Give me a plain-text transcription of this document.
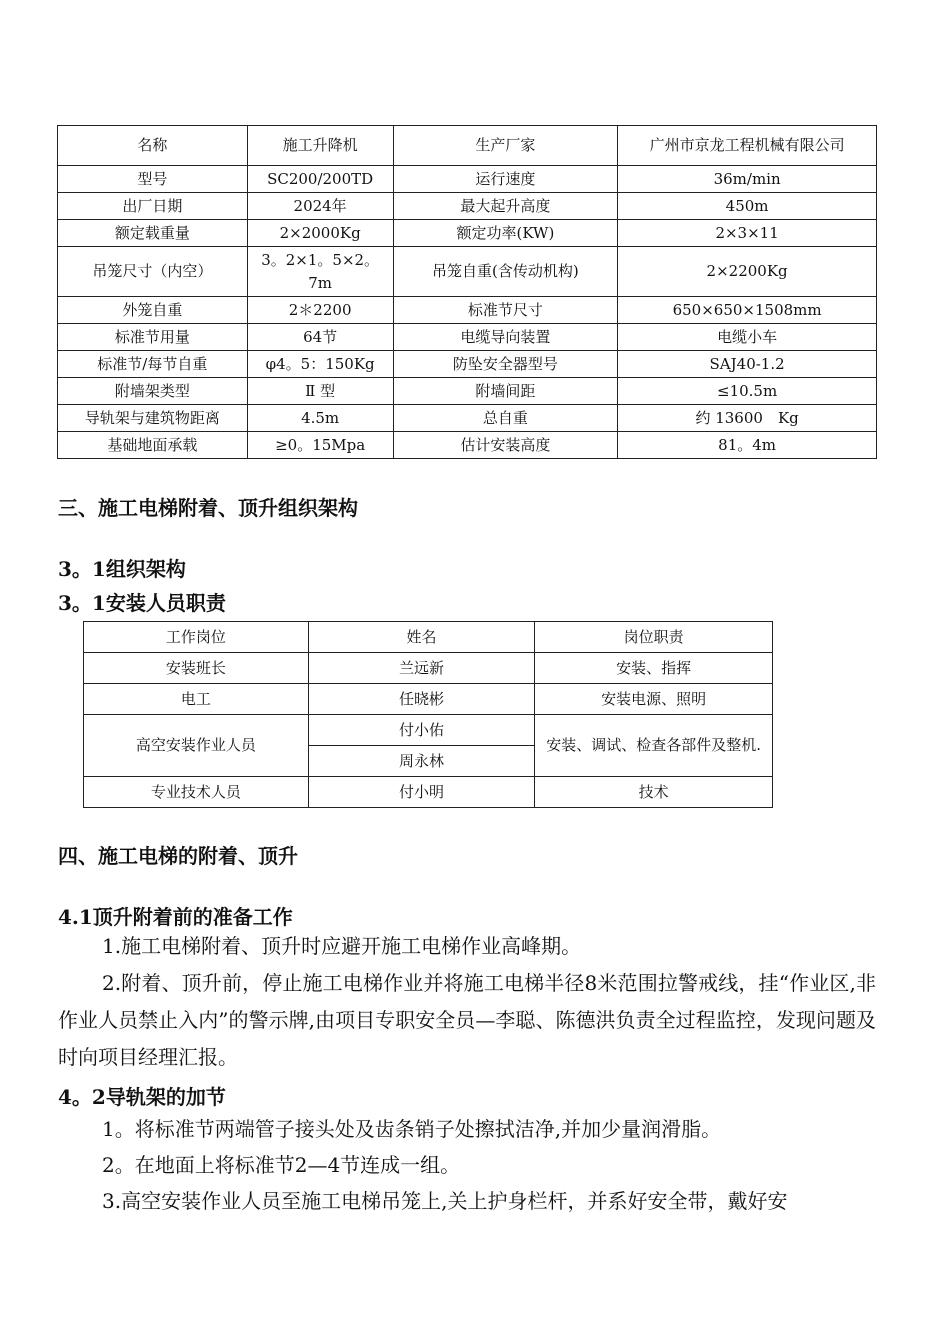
名称	施工升降机	生产厂家	广州市京龙工程机械有限公司
型号	SC200/200TD	运行速度	36m/min
出厂日期	2024年	最大起升高度	450m
额定载重量	2×2000Kg	额定功率(KW)	2×3×11
吊笼尺寸（内空）	3。2×1。5×2。7m	吊笼自重(含传动机构)	2×2200Kg
外笼自重	2＊2200	标准节尺寸	650×650×1508mm
标准节用量	64节	电缆导向装置	电缆小车
标准节/每节自重	φ4。5：150Kg	防坠安全器型号	SAJ40-1.2
附墙架类型	Ⅱ 型	附墙间距	≤10.5m
导轨架与建筑物距离	4.5m	总自重	约 13600　Kg
基础地面承载	≥0。15Mpa	估计安装高度	81。4m
三、施工电梯附着、顶升组织架构
3。1组织架构
3。1安装人员职责
工作岗位	姓名	岗位职责
安装班长	兰远新	安装、指挥
电工	任晓彬	安装电源、照明
高空安装作业人员	付小佑	安装、调试、检查各部件及整机.
	周永林	
专业技术人员	付小明	技术
四、施工电梯的附着、顶升
4.1顶升附着前的准备工作
1.施工电梯附着、顶升时应避开施工电梯作业高峰期。
2.附着、顶升前，停止施工电梯作业并将施工电梯半径8米范围拉警戒线，挂“作业区,非作业人员禁止入内”的警示牌,由项目专职安全员—李聪、陈德洪负责全过程监控，发现问题及时向项目经理汇报。
4。2导轨架的加节
1。将标准节两端管子接头处及齿条销子处擦拭洁净,并加少量润滑脂。
2。在地面上将标准节2—4节连成一组。
3.高空安装作业人员至施工电梯吊笼上,关上护身栏杆，并系好安全带，戴好安
